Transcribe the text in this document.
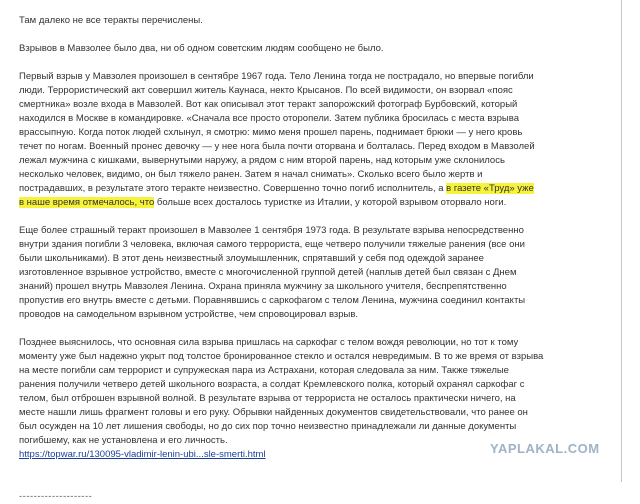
Там далеко не все теракты перечислены.

Взрывов в Мавзолее было два, ни об одном советским людям сообщено не было.

Первый взрыв у Мавзолея произошел в сентябре 1967 года. Тело Ленина тогда не пострадало, но впервые погибли

люди. Террористический акт совершил житель Каунаса, некто Крысанов. По всей видимости, он взорвал «пояс

смертника» возле входа в Мавзолей. Вот как описывал этот теракт запорожский фотограф Бурбовский, который

находился в Москве в командировке. «Сначала все просто оторопели. Затем публика бросилась с места взрыва

врассыпную. Когда поток людей схлынул, я смотрю: мимо меня прошел парень, поднимает брюки — у него кровь

течет по ногам. Военный пронес девочку — у нее нога была почти оторвана и болталась. Перед входом в Мавзолей

лежал мужчина с кишками, вывернутыми наружу, а рядом с ним второй парень, над которым уже склонилось

несколько человек, видимо, он был тяжело ранен. Затем я начал снимать». Сколько всего было жертв и

пострадавших, в результате этого теракте неизвестно. Совершенно точно погиб исполнитель, а в газете «Труд» уже

в наше время отмечалось, что больше всех досталось туристке из Италии, у которой взрывом оторвало ноги.

Еще более страшный теракт произошел в Мавзолее 1 сентября 1973 года. В результате взрыва непосредственно

внутри здания погибли 3 человека, включая самого террориста, еще четверо получили тяжелые ранения (все они

были школьниками). В этот день неизвестный злоумышленник, спрятавший у себя под одеждой заранее

изготовленное взрывное устройство, вместе с многочисленной группой детей (наплыв детей был связан с Днем

знаний) прошел внутрь Мавзолея Ленина. Охрана приняла мужчину за школьного учителя, беспрепятственно

пропустив его внутрь вместе с детьми. Поравнявшись с саркофагом с телом Ленина, мужчина соединил контакты

проводов на самодельном взрывном устройстве, чем спровоцировал взрыв.

Позднее выяснилось, что основная сила взрыва пришлась на саркофаг с телом вождя революции, но тот к тому

моменту уже был надежно укрыт под толстое бронированное стекло и остался невредимым. В то же время от взрыва

на месте погибли сам террорист и супружеская пара из Астрахани, которая следовала за ним. Также тяжелые

ранения получили четверо детей школьного возраста, а солдат Кремлевского полка, который охранял саркофаг с

телом, был отброшен взрывной волной. В результате взрыва от террориста не осталось практически ничего, на

месте нашли лишь фрагмент головы и его руку. Обрывки найденных документов свидетельствовали, что ранее он

был осужден на 10 лет лишения свободы, но до сих пор точно неизвестно принадлежали ли данные документы

погибшему, как не установлена и его личность.

https://topwar.ru/130095-vladimir-lenin-ubi...sle-smerti.html

--------------------

YAPLAKAL.COM
